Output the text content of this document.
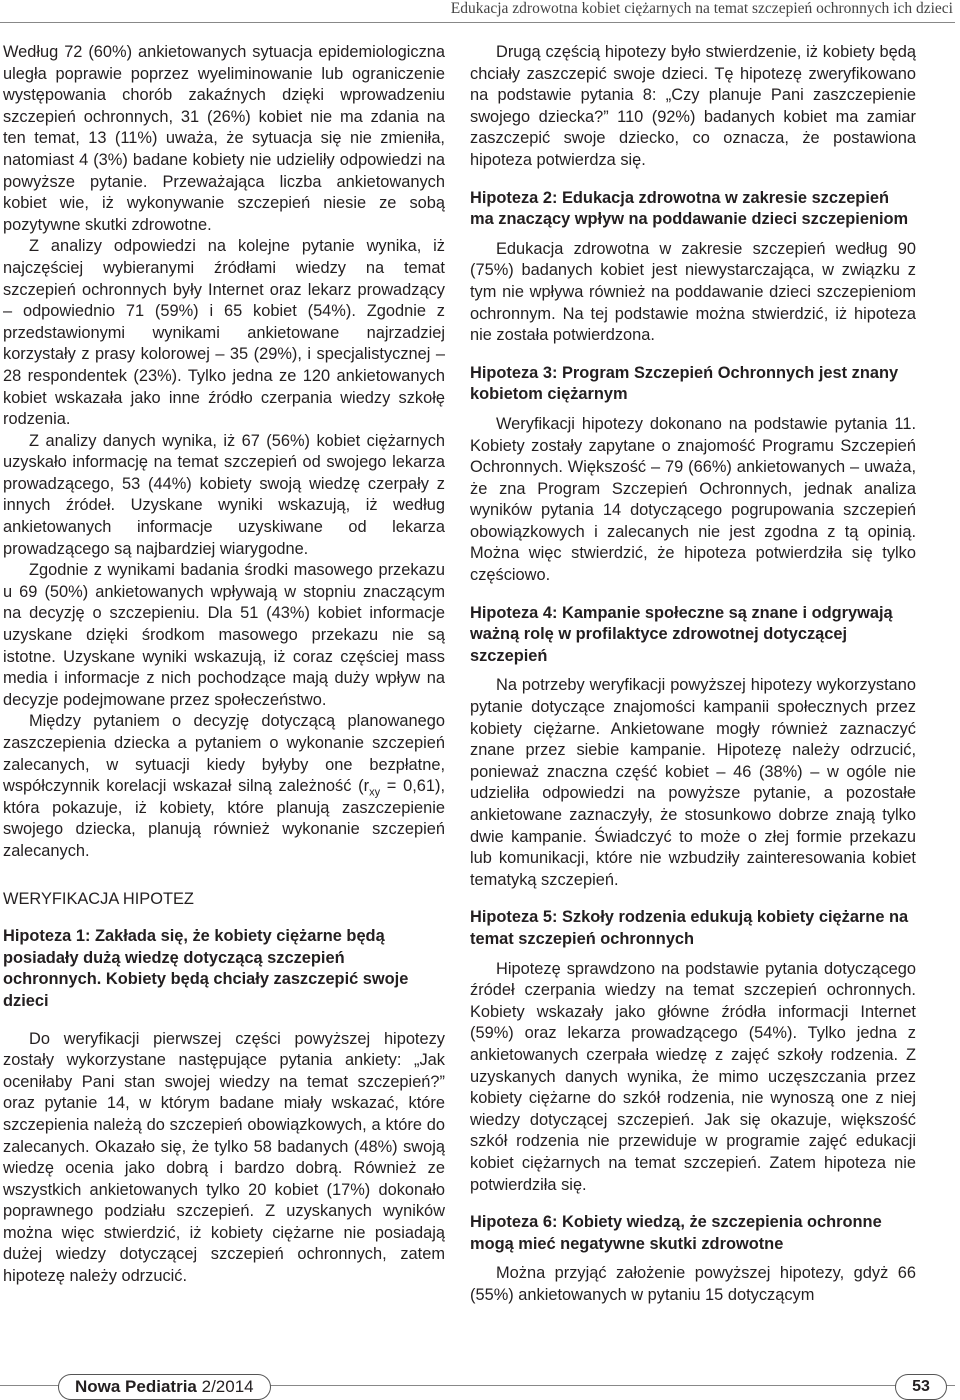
Edukacja zdrowotna kobiet ciężarnych na temat szczepień ochronnych ich dzieci

Według 72 (60%) ankietowanych sytuacja epidemiologiczna uległa poprawie poprzez wyeliminowanie lub ograniczenie występowania chorób zakaźnych dzięki wprowadzeniu szczepień ochronnych, 31 (26%) kobiet nie ma zdania na ten temat, 13 (11%) uważa, że sytuacja się nie zmieniła, natomiast 4 (3%) badane kobiety nie udzieliły odpowiedzi na powyższe pytanie. Przeważająca liczba ankietowanych kobiet wie, iż wykonywanie szczepień niesie ze sobą pozytywne skutki zdrowotne.

Z analizy odpowiedzi na kolejne pytanie wynika, iż najczęściej wybieranymi źródłami wiedzy na temat szczepień ochronnych były Internet oraz lekarz prowadzący – odpowiednio 71 (59%) i 65 kobiet (54%). Zgodnie z przedstawionymi wynikami ankietowane najrzadziej korzystały z prasy kolorowej – 35 (29%), i specjalistycznej – 28 respondentek (23%). Tylko jedna ze 120 ankietowanych kobiet wskazała jako inne źródło czerpania wiedzy szkołę rodzenia.

Z analizy danych wynika, iż 67 (56%) kobiet ciężarnych uzyskało informację na temat szczepień od swojego lekarza prowadzącego, 53 (44%) kobiety swoją wiedzę czerpały z innych źródeł. Uzyskane wyniki wskazują, iż według ankietowanych informacje uzyskiwane od lekarza prowadzącego są najbardziej wiarygodne.

Zgodnie z wynikami badania środki masowego przekazu u 69 (50%) ankietowanych wpływają w stopniu znaczącym na decyzję o szczepieniu. Dla 51 (43%) kobiet informacje uzyskane dzięki środkom masowego przekazu nie są istotne. Uzyskane wyniki wskazują, iż coraz częściej mass media i informacje z nich pochodzące mają duży wpływ na decyzje podejmowane przez społeczeństwo.

Między pytaniem o decyzję dotyczącą planowanego zaszczepienia dziecka a pytaniem o wykonanie szczepień zalecanych, w sytuacji kiedy byłyby one bezpłatne, współczynnik korelacji wskazał silną zależność $(r_{xy} = 0,61)$, która pokazuje, iż kobiety, które planują zaszczepienie swojego dziecka, planują również wykonanie szczepień zalecanych.

WERYFIKACJA HIPOTEZ
Hipoteza 1: Zakłada się, że kobiety ciężarne będą posiadały dużą wiedzę dotyczącą szczepień ochronnych. Kobiety będą chciały zaszczepić swoje dzieci

Do weryfikacji pierwszej części powyższej hipotezy zostały wykorzystane następujące pytania ankiety: „Jak oceniłaby Pani stan swojej wiedzy na temat szczepień?” oraz pytanie 14, w którym badane miały wskazać, które szczepienia należą do szczepień obowiązkowych, a które do zalecanych. Okazało się, że tylko 58 badanych (48%) swoją wiedzę ocenia jako dobrą i bardzo dobrą. Również ze wszystkich ankietowanych tylko 20 kobiet (17%) dokonało poprawnego podziału szczepień. Z uzyskanych wyników można więc stwierdzić, iż kobiety ciężarne nie posiadają dużej wiedzy dotyczącej szczepień ochronnych, zatem hipotezę należy odrzucić.

Drugą częścią hipotezy było stwierdzenie, iż kobiety będą chciały zaszczepić swoje dzieci. Tę hipotezę zweryfikowano na podstawie pytania 8: „Czy planuje Pani zaszczepienie swojego dziecka?” 110 (92%) badanych kobiet ma zamiar zaszczepić swoje dziecko, co oznacza, że postawiona hipoteza potwierdza się.

Hipoteza 2: Edukacja zdrowotna w zakresie szczepień ma znaczący wpływ na poddawanie dzieci szczepieniom

Edukacja zdrowotna w zakresie szczepień według 90 (75%) badanych kobiet jest niewystarczająca, w związku z tym nie wpływa również na poddawanie dzieci szczepieniom ochronnym. Na tej podstawie można stwierdzić, iż hipoteza nie została potwierdzona.

Hipoteza 3: Program Szczepień Ochronnych jest znany kobietom ciężarnym

Weryfikacji hipotezy dokonano na podstawie pytania 11. Kobiety zostały zapytane o znajomość Programu Szczepień Ochronnych. Większość – 79 (66%) ankietowanych – uważa, że zna Program Szczepień Ochronnych, jednak analiza wyników pytania 14 dotyczącego pogrupowania szczepień obowiązkowych i zalecanych nie jest zgodna z tą opinią. Można więc stwierdzić, że hipoteza potwierdziła się tylko częściowo.

Hipoteza 4: Kampanie społeczne są znane i odgrywają ważną rolę w profilaktyce zdrowotnej dotyczącej szczepień

Na potrzeby weryfikacji powyższej hipotezy wykorzystano pytanie dotyczące znajomości kampanii społecznych przez kobiety ciężarne. Ankietowane mogły również zaznaczyć znane przez siebie kampanie. Hipotezę należy odrzucić, ponieważ znaczna część kobiet – 46 (38%) – w ogóle nie udzieliła odpowiedzi na powyższe pytanie, a pozostałe ankietowane zaznaczyły, że stosunkowo dobrze znają tylko dwie kampanie. Świadczyć to może o złej formie przekazu lub komunikacji, które nie wzbudziły zainteresowania kobiet tematyką szczepień.

Hipoteza 5: Szkoły rodzenia edukują kobiety ciężarne na temat szczepień ochronnych

Hipotezę sprawdzono na podstawie pytania dotyczącego źródeł czerpania wiedzy na temat szczepień ochronnych. Kobiety wskazały jako główne źródła informacji Internet (59%) oraz lekarza prowadzącego (54%). Tylko jedna z ankietowanych czerpała wiedzę z zajęć szkoły rodzenia. Z uzyskanych danych wynika, że mimo uczęszczania przez kobiety ciężarne do szkół rodzenia, nie wynoszą one z niej wiedzy dotyczącej szczepień. Jak się okazuje, większość szkół rodzenia nie przewiduje w programie zajęć edukacji kobiet ciężarnych na temat szczepień. Zatem hipoteza nie potwierdziła się.

Hipoteza 6: Kobiety wiedzą, że szczepienia ochronne mogą mieć negatywne skutki zdrowotne

Można przyjąć założenie powyższej hipotezy, gdyż 66 (55%) ankietowanych w pytaniu 15 dotyczącym

Nowa Pediatria 2/2014	53
